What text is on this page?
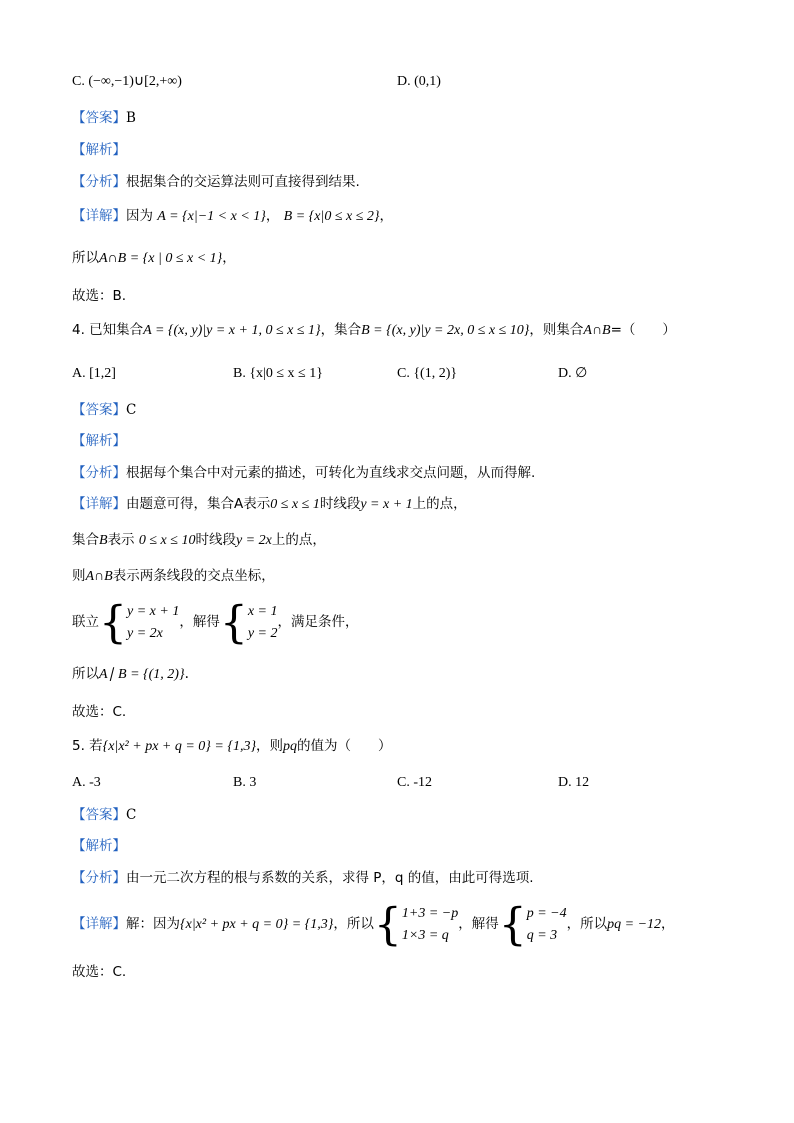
C. (−∞,−1)∪[2,+∞)	D. (0,1)
【答案】B
【解析】
【分析】根据集合的交运算法则可直接得到结果.
【详解】因为 A = {x|−1 < x < 1}， B = {x|0 ≤ x ≤ 2}，
所以A∩B = {x | 0 ≤ x < 1}，
故选：B.
4. 已知集合A = {(x, y)|y = x + 1, 0 ≤ x ≤ 1}，集合B = {(x, y)|y = 2x, 0 ≤ x ≤ 10}，则集合A∩B=（　　）
A. [1,2]	B. {x|0 ≤ x ≤ 1}	C. {(1, 2)}	D. ∅
【答案】C
【解析】
【分析】根据每个集合中对元素的描述，可转化为直线求交点问题，从而得解.
【详解】由题意可得，集合A表示0 ≤ x ≤ 1时线段y = x + 1上的点，
集合B表示 0 ≤ x ≤ 10时线段y = 2x上的点，
则A∩B表示两条线段的交点坐标，
联立{ y = x + 1
y = 2x
，解得{ x = 1
y = 2
，满足条件，
所以A∣ B = {(1, 2)}.
故选：C.
5. 若{x|x² + px + q = 0} = {1,3}，则pq的值为（　　）
A. -3	B. 3	C. -12	D. 12
【答案】C
【解析】
【分析】由一元二次方程的根与系数的关系，求得 P，q 的值，由此可得选项.
【详解】解：因为{x|x² + px + q = 0} = {1,3}，所以{ 1+3 = −p
1×3 = q
，解得{ p = −4
q = 3
，所以pq = −12，
故选：C.
